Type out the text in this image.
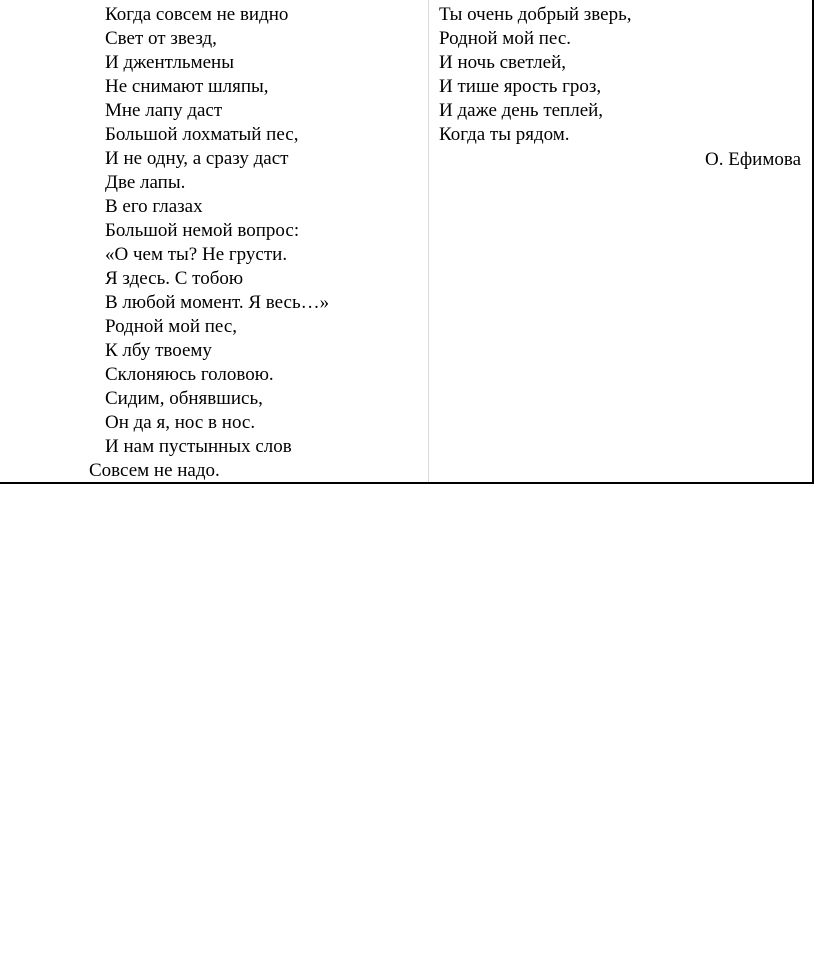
Когда совсем не видно
Свет от звезд,
И джентльмены
Не снимают шляпы,
Мне лапу даст
Большой лохматый пес,
И не одну, а сразу даст
Две лапы.
В его глазах
Большой немой вопрос:
«О чем ты? Не грусти.
Я здесь. С тобою
В любой момент. Я весь…»
Родной мой пес,
К лбу твоему
Склоняюсь головою.
Сидим, обнявшись,
Он да я, нос в нос.
И нам пустынных слов
Совсем не надо.
Ты очень добрый зверь,
Родной мой пес.
И ночь светлей,
И тише ярость гроз,
И даже день теплей,
Когда ты рядом.
О. Ефимова
